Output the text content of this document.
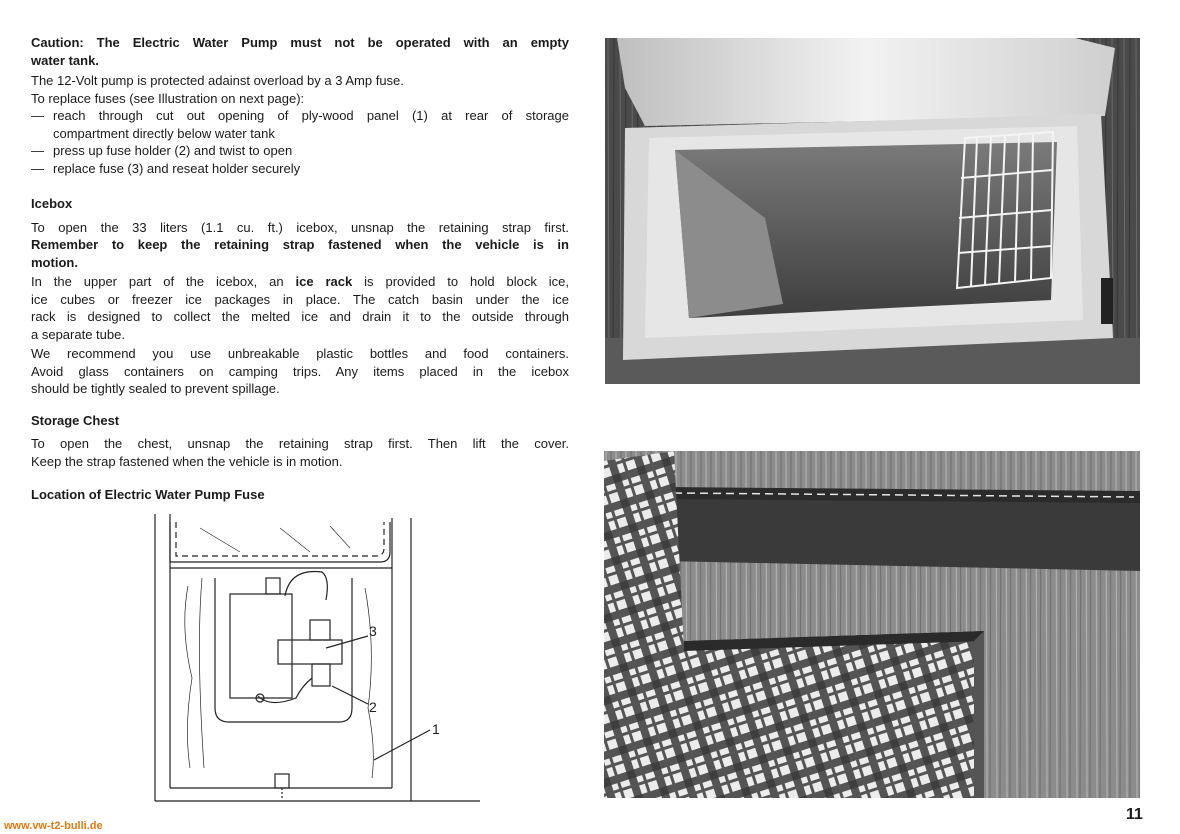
Caution: The Electric Water Pump must not be operated with an empty

water tank.

The 12-Volt pump is protected adainst overload by a 3 Amp fuse.

To replace fuses (see Illustration on next page):

— reach through cut out opening of ply-wood panel (1) at rear of storage

compartment directly below water tank

— press up fuse holder (2) and twist to open

— replace fuse (3) and reseat holder securely

Icebox

To open the 33 liters (1.1 cu. ft.) icebox, unsnap the retaining strap first.

Remember to keep the retaining strap fastened when the vehicle is in

motion.

In the upper part of the icebox, an ice rack is provided to hold block ice,

ice cubes or freezer ice packages in place. The catch basin under the ice

rack is designed to collect the melted ice and drain it to the outside through

a separate tube.

We recommend you use unbreakable plastic bottles and food containers.

Avoid glass containers on camping trips. Any items placed in the icebox

should be tightly sealed to prevent spillage.

Storage Chest

To open the chest, unsnap the retaining strap first. Then lift the cover.

Keep the strap fastened when the vehicle is in motion.

Location of Electric Water Pump Fuse

3
2
1
www.vw-t2-bulli.de
11
